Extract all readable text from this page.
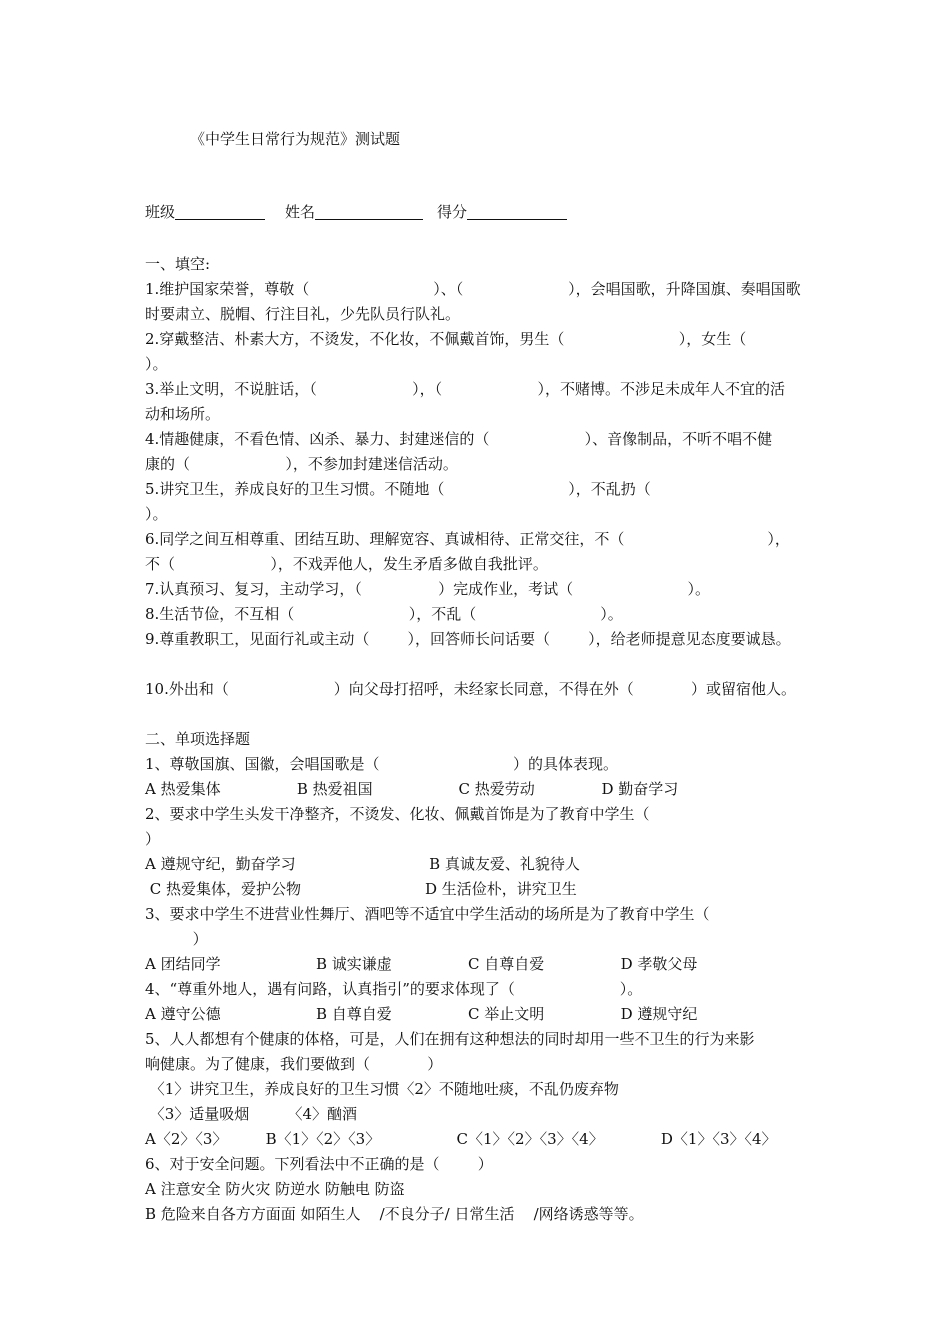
《中学生日常行为规范》测试题
班级	姓名	得分
一、填空:
1.维护国家荣誉，尊敬（                          ）、（                      ），会唱国歌，升降国旗、奏唱国歌
时要肃立、脱帽、行注目礼，少先队员行队礼。
2.穿戴整洁、朴素大方，不烫发，不化妆，不佩戴首饰，男生（                        ），女生（
）。
3.举止文明，不说脏话，（                    ），（                    ），不赌博。不涉足未成年人不宜的活
动和场所。
4.情趣健康，不看色情、凶杀、暴力、封建迷信的（                    ）、音像制品，不听不唱不健
康的（                    ），不参加封建迷信活动。
5.讲究卫生，养成良好的卫生习惯。不随地（                          ），不乱扔（
）。
6.同学之间互相尊重、团结互助、理解宽容、真诚相待、正常交往，不（                              ），
不（                    ），不戏弄他人，发生矛盾多做自我批评。
7.认真预习、复习，主动学习，（                ）完成作业，考试（                        ）。
8.生活节俭，不互相（                        ），不乱（                          ）。
9.尊重教职工，见面行礼或主动（        ），回答师长问话要（        ），给老师提意见态度要诚恳。
10.外出和（                      ）向父母打招呼，未经家长同意，不得在外（            ）或留宿他人。
二、单项选择题
1、尊敬国旗、国徽，会唱国歌是（                            ）的具体表现。
A 热爱集体                B 热爱祖国                  C 热爱劳动              D 勤奋学习
2、要求中学生头发干净整齐，不烫发、化妆、佩戴首饰是为了教育中学生（
）
A 遵规守纪，勤奋学习                            B 真诚友爱、礼貌待人
C 热爱集体，爱护公物                          D 生活俭朴，讲究卫生
3、要求中学生不进营业性舞厅、酒吧等不适宜中学生活动的场所是为了教育中学生（
）
A 团结同学                    B 诚实谦虚                C 自尊自爱                D 孝敬父母
4、“尊重外地人，遇有问路，认真指引”的要求体现了（                      ）。
A 遵守公德                    B 自尊自爱                C 举止文明                D 遵规守纪
5、人人都想有个健康的体格，可是，人们在拥有这种想法的同时却用一些不卫生的行为来影
响健康。为了健康，我们要做到（            ）
〈1〉讲究卫生，养成良好的卫生习惯〈2〉不随地吐痰，不乱仍废弃物
〈3〉适量吸烟        〈4〉酗酒
A〈2〉〈3〉        B〈1〉〈2〉〈3〉                C〈1〉〈2〉〈3〉〈4〉            D〈1〉〈3〉〈4〉
6、对于安全问题。下列看法中不正确的是（        ）
A 注意安全 防火灾 防逆水 防触电 防盗
B 危险来自各方方面面 如陌生人    /不良分子/ 日常生活    /网络诱惑等等。
